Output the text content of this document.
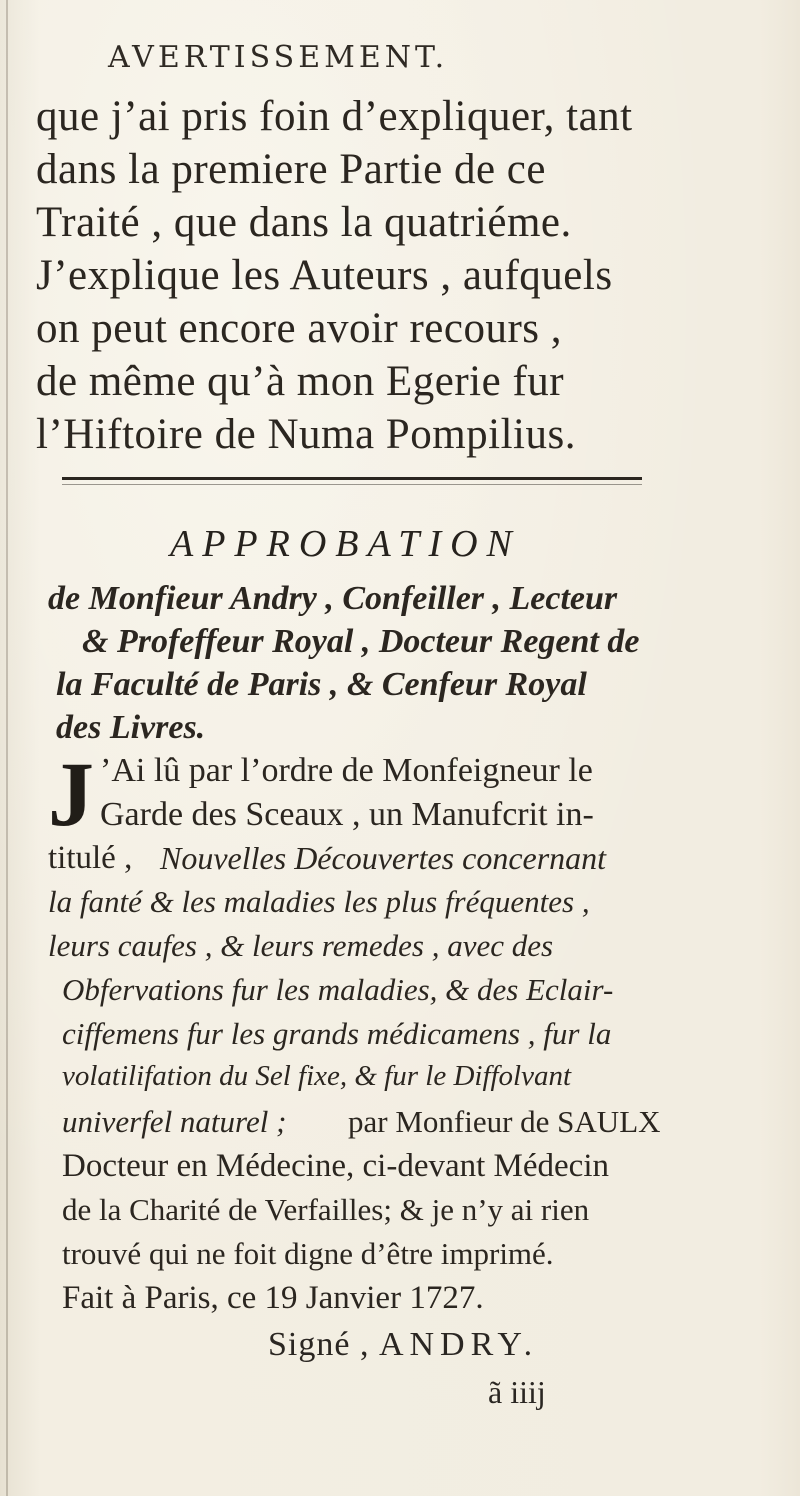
AVERTISSEMENT.
que j’ai pris foin d’expliquer, tant
dans la premiere Partie de ce
Traité , que dans la quatriéme.
J’explique les Auteurs , aufquels
on peut encore avoir recours ,
de même qu’à mon Egerie fur
l’Hiftoire de Numa Pompilius.
APPROBATION
de Monfieur Andry , Confeiller , Lecteur
& Profeffeur Royal , Docteur Regent de
la Faculté de Paris , & Cenfeur Royal
des Livres.
J ’Ai lû par l’ordre de Monfeigneur le
Garde des Sceaux , un Manufcrit in-
titulé , Nouvelles Découvertes concernant
la fanté & les maladies les plus fréquentes ,
leurs caufes , & leurs remedes , avec des
Obfervations fur les maladies, & des Eclair-
ciffemens fur les grands médicamens , fur la
volatilifation du Sel fixe, & fur le Diffolvant
univerfel naturel ; par Monfieur de SAULX
Docteur en Médecine, ci-devant Médecin
de la Charité de Verfailles; & je n’y ai rien
trouvé qui ne foit digne d’être imprimé.
Fait à Paris, ce 19 Janvier 1727.
Signé , ANDRY.
ã iiij
